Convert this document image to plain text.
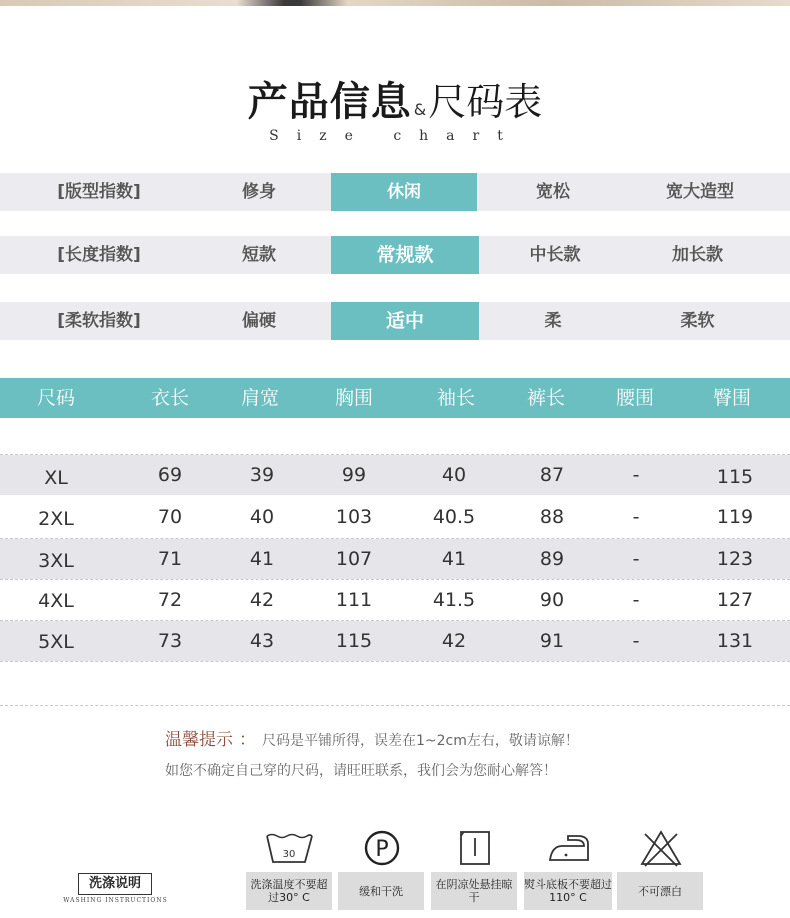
产品信息 &尺码表
Size chart
[版型指数]	修身	休闲	宽松	宽大造型
[长度指数]	短款	常规款	中长款	加长款
[柔软指数]	偏硬	适中	柔	柔软
尺码	衣长	肩宽	胸围	袖长	裤长	腰围	臀围
XL	69	39	99	40	87	-	115
2XL	70	40	103	40.5	88	-	119
3XL	71	41	107	41	89	-	123
4XL	72	42	111	41.5	90	-	127
5XL	73	43	115	42	91	-	131
温馨提示 ： 尺码是平铺所得，误差在1~2cm左右，敬请谅解！
如您不确定自己穿的尺码，请旺旺联系，我们会为您耐心解答！
洗涤说明
WASHING INSTRUCTIONS
30	P
洗涤温度不要超过30° C	缓和干洗	在阴凉处悬挂晾干
熨斗底板不要超过110° C	不可漂白
